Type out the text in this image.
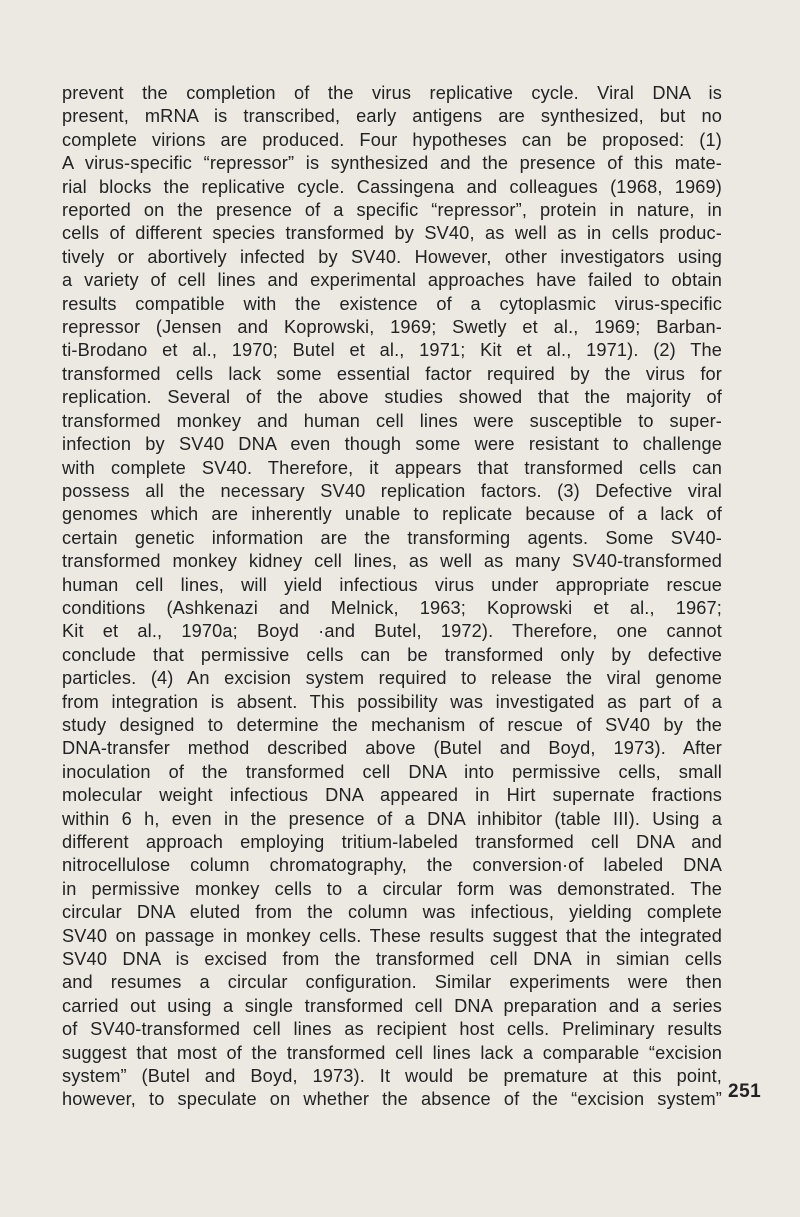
prevent the completion of the virus replicative cycle. Viral DNA is
present, mRNA is transcribed, early antigens are synthesized, but no
complete virions are produced. Four hypotheses can be proposed: (1)
A virus-specific “repressor” is synthesized and the presence of this mate-
rial blocks the replicative cycle. Cassingena and colleagues (1968, 1969)
reported on the presence of a specific “repressor”, protein in nature, in
cells of different species transformed by SV40, as well as in cells produc-
tively or abortively infected by SV40. However, other investigators using
a variety of cell lines and experimental approaches have failed to obtain
results compatible with the existence of a cytoplasmic virus-specific
repressor (Jensen and Koprowski, 1969; Swetly et al., 1969; Barban-
ti-Brodano et al., 1970; Butel et al., 1971; Kit et al., 1971). (2) The
transformed cells lack some essential factor required by the virus for
replication. Several of the above studies showed that the majority of
transformed monkey and human cell lines were susceptible to super-
infection by SV40 DNA even though some were resistant to challenge
with complete SV40. Therefore, it appears that transformed cells can
possess all the necessary SV40 replication factors. (3) Defective viral
genomes which are inherently unable to replicate because of a lack of
certain genetic information are the transforming agents. Some SV40-
transformed monkey kidney cell lines, as well as many SV40-transformed
human cell lines, will yield infectious virus under appropriate rescue
conditions (Ashkenazi and Melnick, 1963; Koprowski et al., 1967;
Kit et al., 1970a; Boyd ·and Butel, 1972). Therefore, one cannot
conclude that permissive cells can be transformed only by defective
particles. (4) An excision system required to release the viral genome
from integration is absent. This possibility was investigated as part of a
study designed to determine the mechanism of rescue of SV40 by the
DNA-transfer method described above (Butel and Boyd, 1973). After
inoculation of the transformed cell DNA into permissive cells, small
molecular weight infectious DNA appeared in Hirt supernate fractions
within 6 h, even in the presence of a DNA inhibitor (table III). Using a
different approach employing tritium-labeled transformed cell DNA and
nitrocellulose column chromatography, the conversion·of labeled DNA
in permissive monkey cells to a circular form was demonstrated. The
circular DNA eluted from the column was infectious, yielding complete
SV40 on passage in monkey cells. These results suggest that the integrated
SV40 DNA is excised from the transformed cell DNA in simian cells
and resumes a circular configuration. Similar experiments were then
carried out using a single transformed cell DNA preparation and a series
of SV40-transformed cell lines as recipient host cells. Preliminary results
suggest that most of the transformed cell lines lack a comparable “excision
system” (Butel and Boyd, 1973). It would be premature at this point,
however, to speculate on whether the absence of the “excision system” 251
